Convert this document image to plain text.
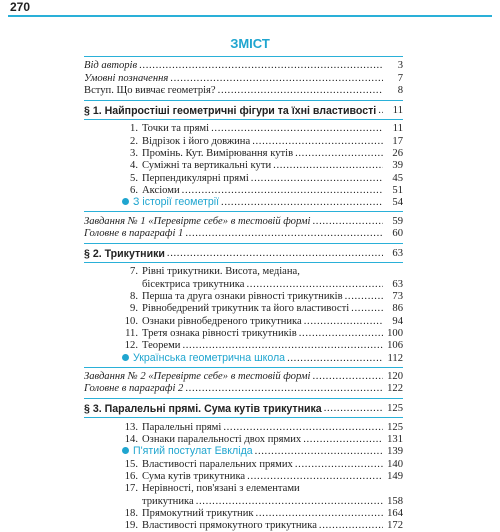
270
ЗМІСТ
Від авторів . . .	3
Умовні позначення . . .	7
Вступ. Що вивчає геометрія? . . .	8
§ 1. Найпростіші геометричні фігури та їхні властивості . . .	11
1. Точки та прямі . . .	11
2. Відрізок і його довжина . . .	17
3. Промінь. Кут. Вимірювання кутів . . .	26
4. Суміжні та вертикальні кути . . .	39
5. Перпендикулярні прямі . . .	45
6. Аксіоми . . .	51
З історії геометрії . . .	54
Завдання № 1 «Перевірте себе» в тестовій формі . . .	59
Головне в параграфі 1 . . .	60
§ 2. Трикутники . . .	63
7. Рівні трикутники. Висота, медіана,
бісектриса трикутника . . .	63
8. Перша та друга ознаки рівності трикутників . . .	73
9. Рівнобедрений трикутник та його властивості . . .	86
10. Ознаки рівнобедреного трикутника . . .	94
11. Третя ознака рівності трикутників . . .	100
12. Теореми . . .	106
Українська геометрична школа . . .	112
Завдання № 2 «Перевірте себе» в тестовій формі . . .	120
Головне в параграфі 2 . . .	122
§ 3. Паралельні прямі. Сума кутів трикутника . . .	125
13. Паралельні прямі . . .	125
14. Ознаки паралельності двох прямих . . .	131
П'ятий постулат Евкліда . . .	139
15. Властивості паралельних прямих . . .	140
16. Сума кутів трикутника . . .	149
17. Нерівності, пов'язані з елементами
трикутника . . .	158
18. Прямокутний трикутник . . .	164
19. Властивості прямокутного трикутника . . .	172
